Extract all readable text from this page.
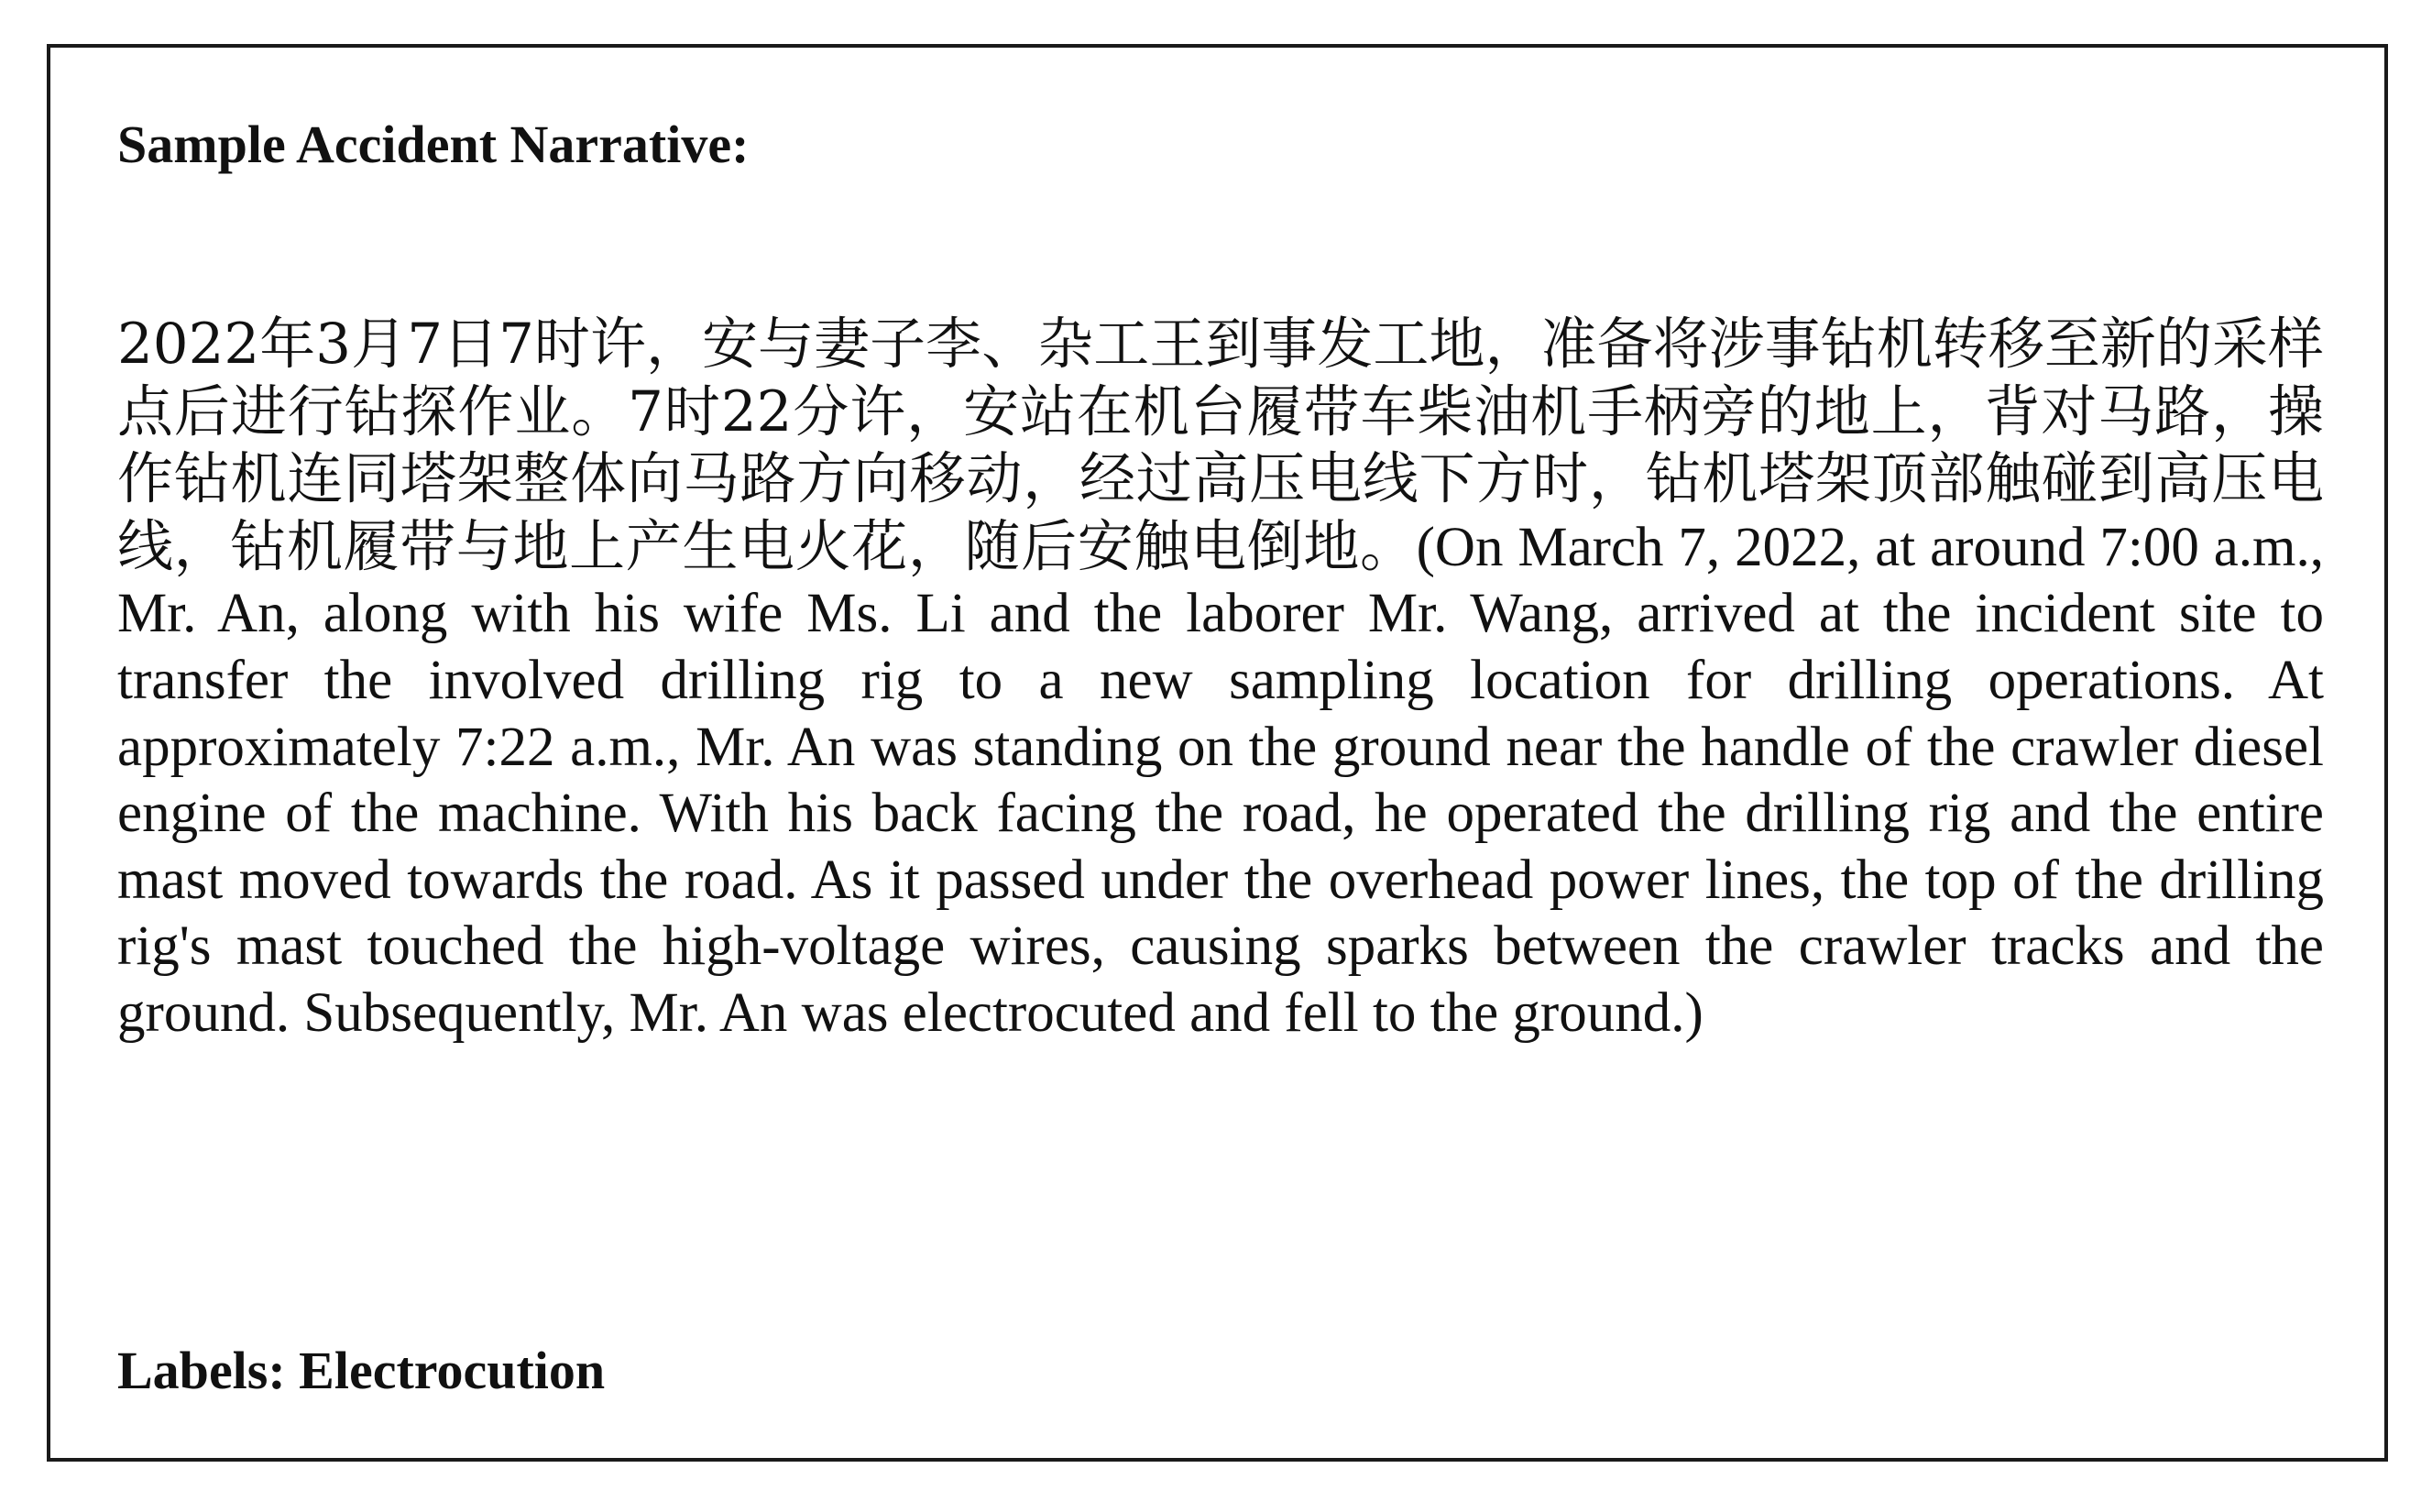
Sample Accident Narrative:
2022年3月7日7时许，安与妻子李、杂工王到事发工地，准备将涉事钻机转移至新的采样点后进行钻探作业。7时22分许，安站在机台履带车柴油机手柄旁的地上，背对马路，操作钻机连同塔架整体向马路方向移动，经过高压电线下方时，钻机塔架顶部触碰到高压电线，钻机履带与地上产生电火花，随后安触电倒地。(On March 7, 2022, at around 7:00 a.m., Mr. An, along with his wife Ms. Li and the laborer Mr. Wang, arrived at the incident site to transfer the involved drilling rig to a new sampling location for drilling operations. At approximately 7:22 a.m., Mr. An was standing on the ground near the handle of the crawler diesel engine of the machine. With his back facing the road, he operated the drilling rig and the entire mast moved towards the road. As it passed under the overhead power lines, the top of the drilling rig's mast touched the high-voltage wires, causing sparks between the crawler tracks and the ground. Subsequently, Mr. An was electrocuted and fell to the ground.)
Labels: Electrocution
